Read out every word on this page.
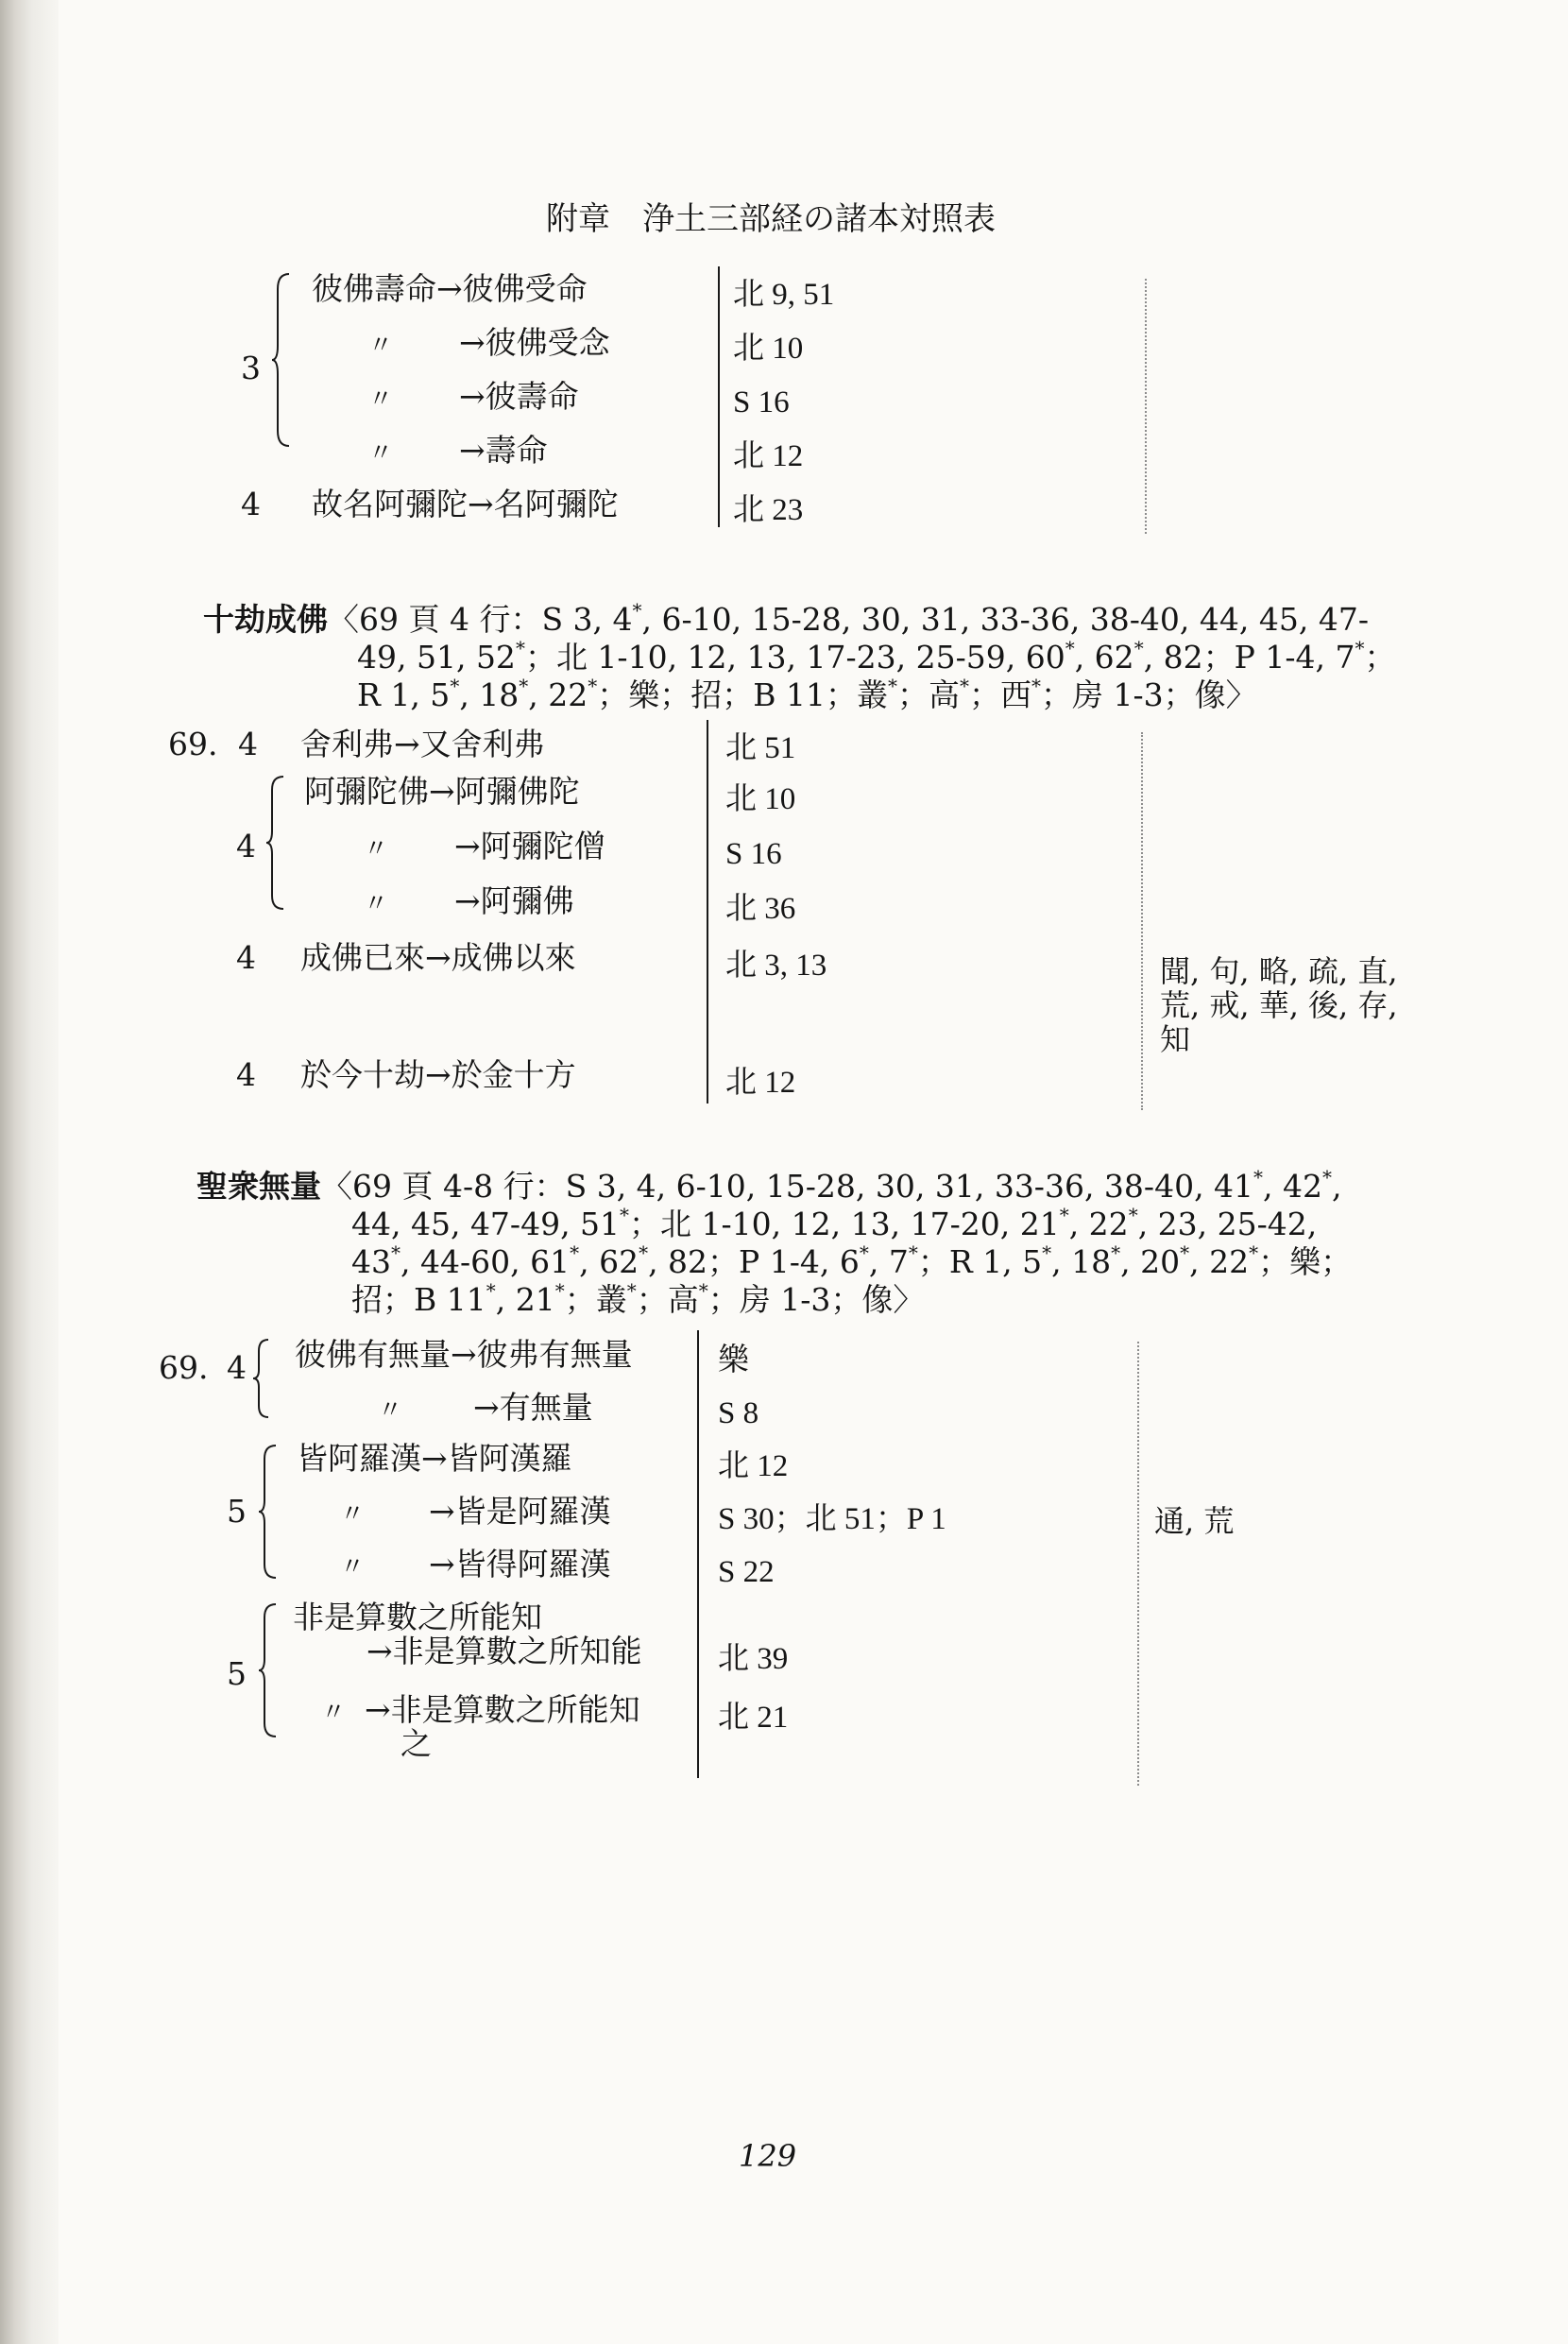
附章　浄土三部経の諸本対照表
3
彼佛壽命→彼佛受命
〃 →彼佛受念
〃 →彼壽命
〃 →壽命
4 故名阿彌陀→名阿彌陀
北 9, 51
北 10
S 16
北 12
北 23
十劫成佛〈69 頁 4 行：S 3, 4*, 6-10, 15-28, 30, 31, 33-36, 38-40, 44, 45, 47-
49, 51, 52*；北 1-10, 12, 13, 17-23, 25-59, 60*, 62*, 82；P 1-4, 7*；
R 1, 5*, 18*, 22*；樂；招；B 11；叢*；高*；西*；房 1-3；像〉
69. 4 舍利弗→又舍利弗
4
阿彌陀佛→阿彌佛陀
〃 →阿彌陀僧
〃 →阿彌佛
4 成佛已來→成佛以來
4 於今十劫→於金十方
北 51
北 10
S 16
北 36
北 3, 13
北 12
聞, 句, 略, 疏, 直,
荒, 戒, 華, 後, 存,
知
聖衆無量〈69 頁 4-8 行：S 3, 4, 6-10, 15-28, 30, 31, 33-36, 38-40, 41*, 42*,
44, 45, 47-49, 51*；北 1-10, 12, 13, 17-20, 21*, 22*, 23, 25-42,
43*, 44-60, 61*, 62*, 82；P 1-4, 6*, 7*；R 1, 5*, 18*, 20*, 22*；樂；
招；B 11*, 21*；叢*；高*；房 1-3；像〉
69. 4 彼佛有無量→彼弗有無量
〃 →有無量
5
皆阿羅漢→皆阿漢羅
〃 →皆是阿羅漢
〃 →皆得阿羅漢
5
非是算數之所能知
→非是算數之所知能
〃 →非是算數之所能知
之
樂
S 8
北 12
S 30；北 51；P 1
S 22
北 39
北 21
通, 荒
129
